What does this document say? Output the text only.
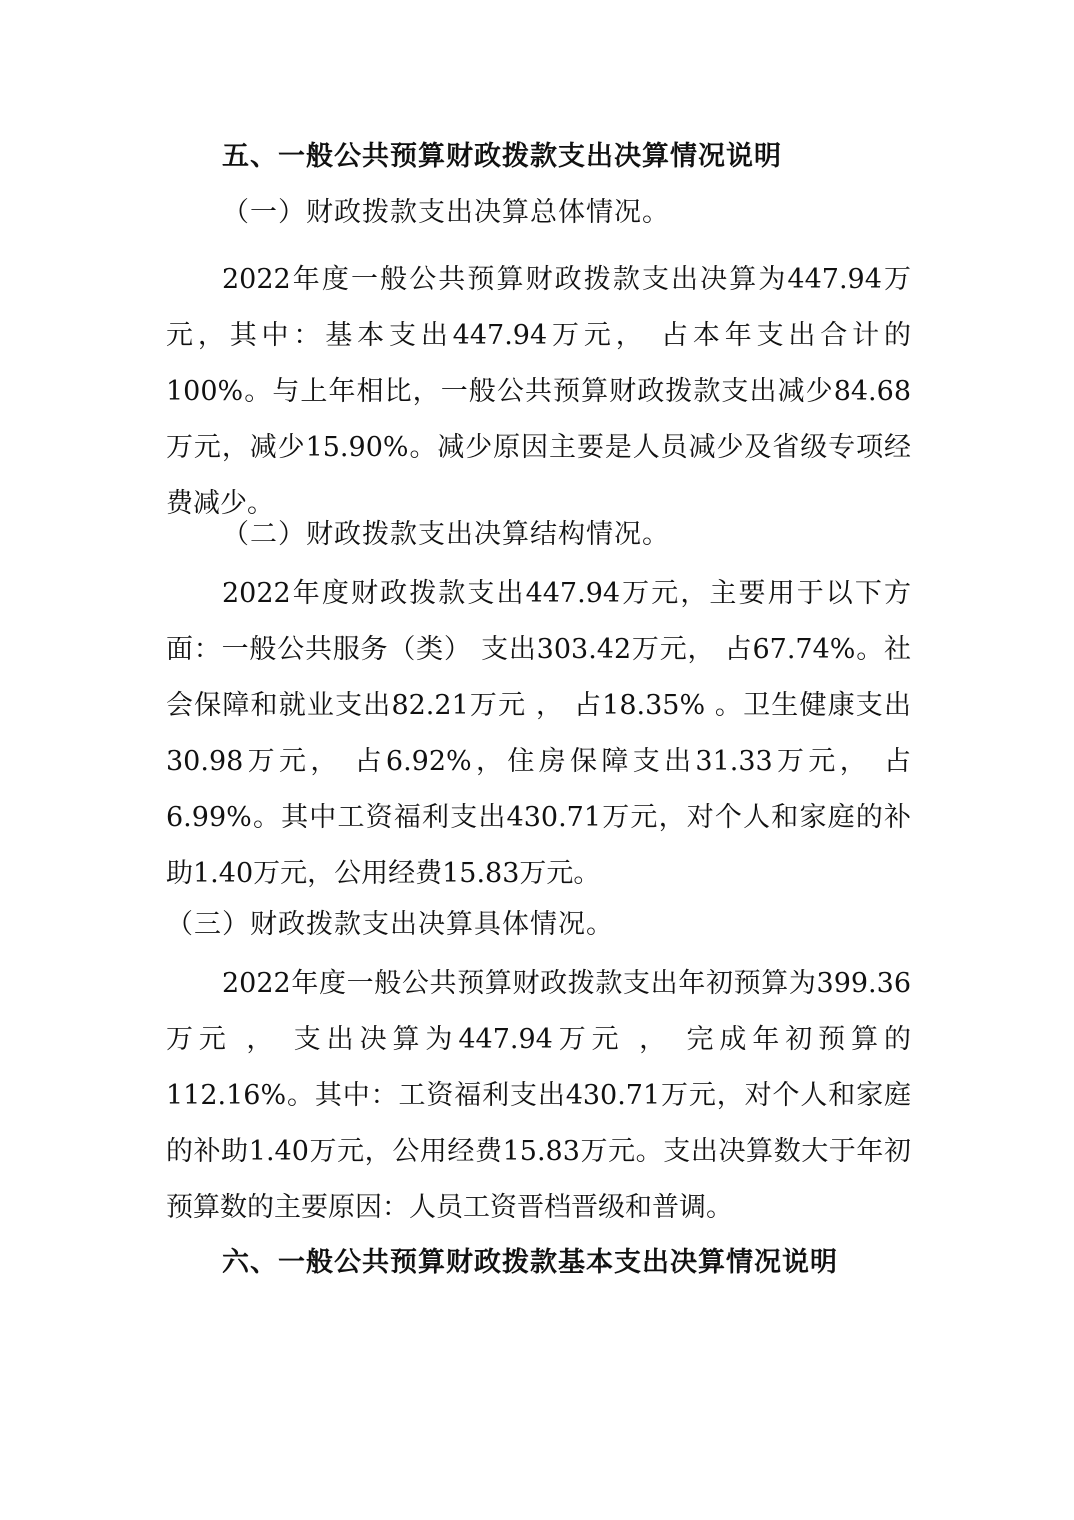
五、一般公共预算财政拨款支出决算情况说明
（一）财政拨款支出决算总体情况。

2022年度一般公共预算财政拨款支出决算为447.94万元，其中：基本支出447.94万元， 占本年支出合计的100%。与上年相比，一般公共预算财政拨款支出减少84.68万元，减少15.90%。减少原因主要是人员减少及省级专项经费减少。

（二）财政拨款支出决算结构情况。

2022年度财政拨款支出447.94万元，主要用于以下方面：一般公共服务（类） 支出303.42万元， 占67.74%。社会保障和就业支出82.21万元 ， 占18.35% 。卫生健康支出30.98万元， 占6.92%，住房保障支出31.33万元， 占6.99%。其中工资福利支出430.71万元，对个人和家庭的补助1.40万元，公用经费15.83万元。

（三）财政拨款支出决算具体情况。

2022年度一般公共预算财政拨款支出年初预算为399.36万元 ， 支出决算为447.94万元 ， 完成年初预算的112.16%。其中：工资福利支出430.71万元，对个人和家庭的补助1.40万元，公用经费15.83万元。支出决算数大于年初预算数的主要原因：人员工资晋档晋级和普调。

六、一般公共预算财政拨款基本支出决算情况说明
